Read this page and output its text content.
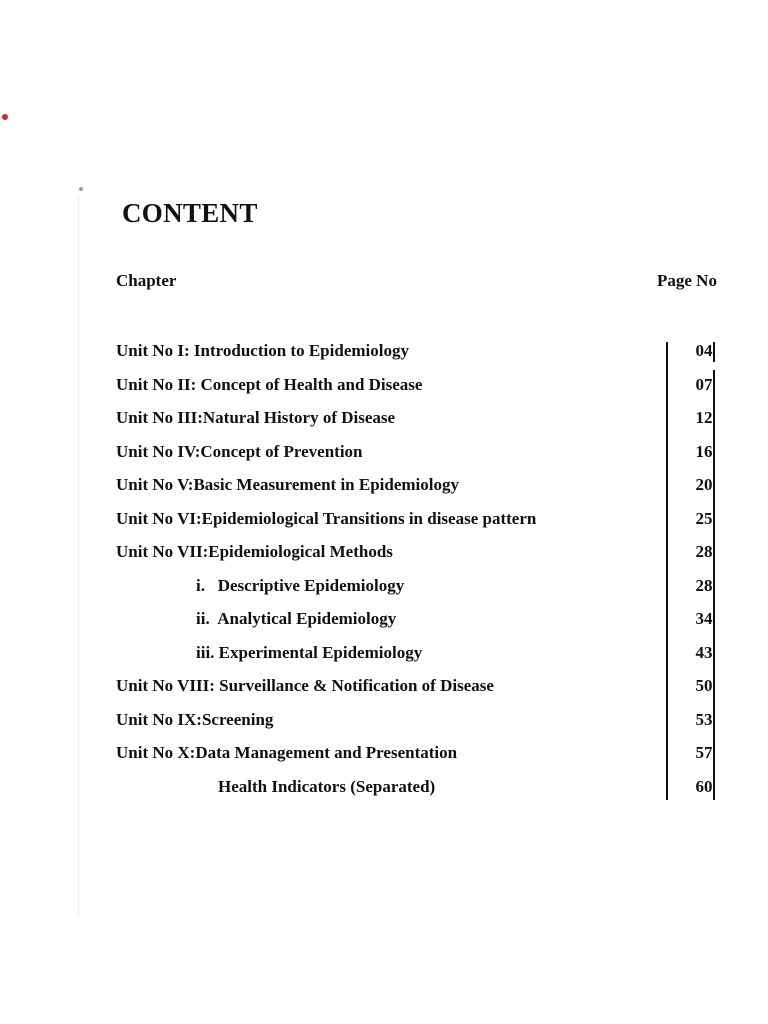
CONTENT
Chapter	Page No
Unit No I: Introduction to Epidemiology	04
Unit No II: Concept of Health and Disease	07
Unit No III:Natural History of Disease	12
Unit No IV:Concept of Prevention	16
Unit No V:Basic Measurement in Epidemiology	20
Unit No VI:Epidemiological Transitions in disease pattern	25
Unit No VII:Epidemiological Methods	28
i.   Descriptive Epidemiology	28
ii.  Analytical Epidemiology	34
iii. Experimental Epidemiology	43
Unit No VIII: Surveillance & Notification of Disease	50
Unit No IX:Screening	53
Unit No X:Data Management and Presentation	57
Health Indicators (Separated)	60
